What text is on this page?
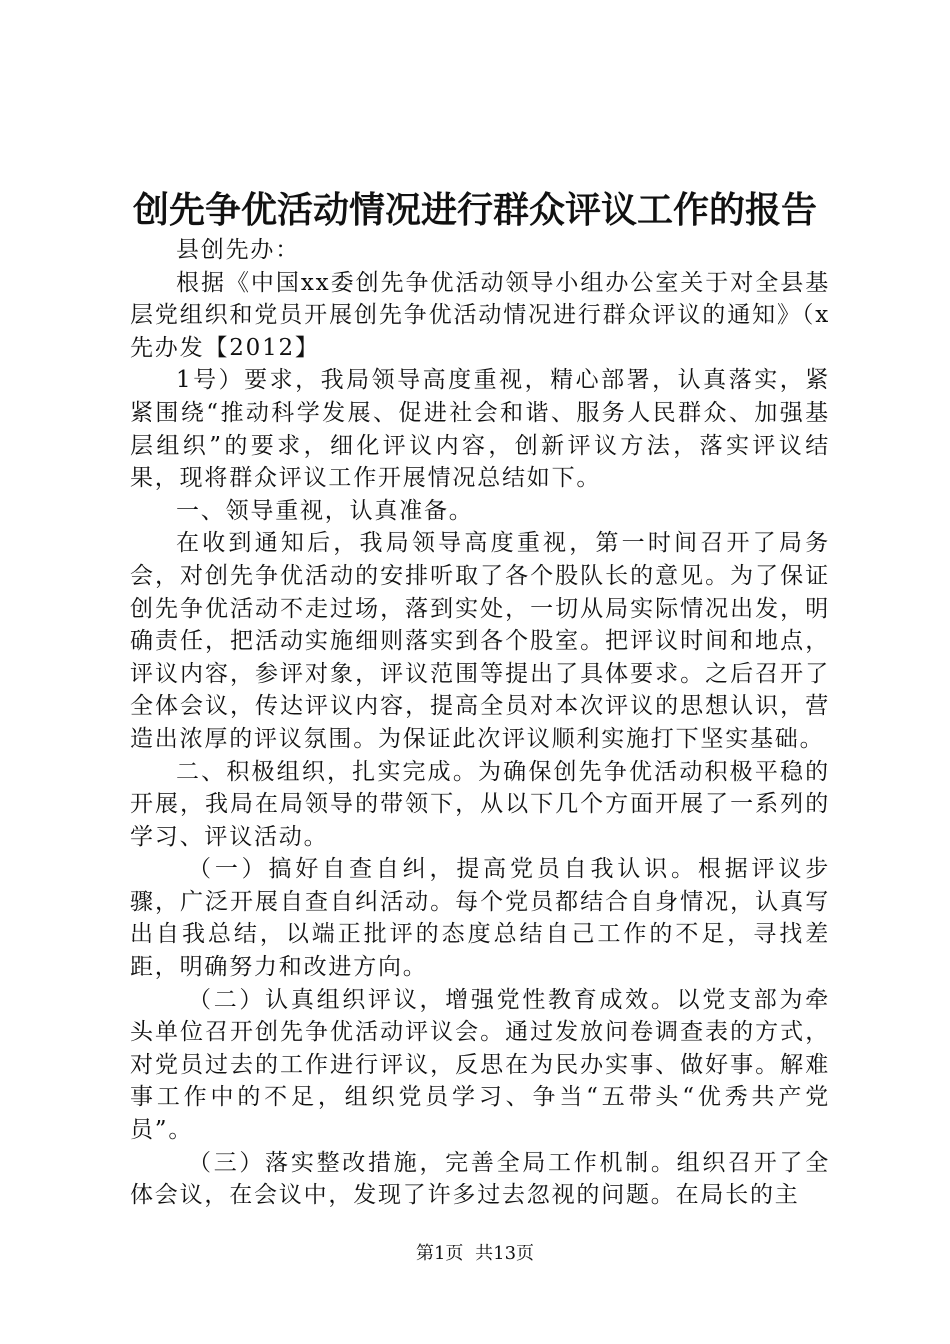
创先争优活动情况进行群众评议工作的报告

县创先办：

根据《中国xx委创先争优活动领导小组办公室关于对全县基层党组织和党员开展创先争优活动情况进行群众评议的通知》（x先办发【2012】

1号）要求，我局领导高度重视，精心部署，认真落实，紧紧围绕“推动科学发展、促进社会和谐、服务人民群众、加强基层组织”的要求，细化评议内容，创新评议方法，落实评议结果，现将群众评议工作开展情况总结如下。

一、领导重视，认真准备。

在收到通知后，我局领导高度重视，第一时间召开了局务会，对创先争优活动的安排听取了各个股队长的意见。为了保证创先争优活动不走过场，落到实处，一切从局实际情况出发，明确责任，把活动实施细则落实到各个股室。把评议时间和地点，评议内容，参评对象，评议范围等提出了具体要求。之后召开了全体会议，传达评议内容，提高全员对本次评议的思想认识，营造出浓厚的评议氛围。为保证此次评议顺利实施打下坚实基础。

二、积极组织，扎实完成。为确保创先争优活动积极平稳的开展，我局在局领导的带领下，从以下几个方面开展了一系列的学习、评议活动。

（一）搞好自查自纠，提高党员自我认识。根据评议步骤，广泛开展自查自纠活动。每个党员都结合自身情况，认真写出自我总结，以端正批评的态度总结自己工作的不足，寻找差距，明确努力和改进方向。

（二）认真组织评议，增强党性教育成效。以党支部为牵头单位召开创先争优活动评议会。通过发放问卷调查表的方式，对党员过去的工作进行评议，反思在为民办实事、做好事。解难事工作中的不足，组织党员学习、争当“五带头“优秀共产党员”。

（三）落实整改措施，完善全局工作机制。组织召开了全体会议，在会议中，发现了许多过去忽视的问题。在局长的主

第1页 共13页
